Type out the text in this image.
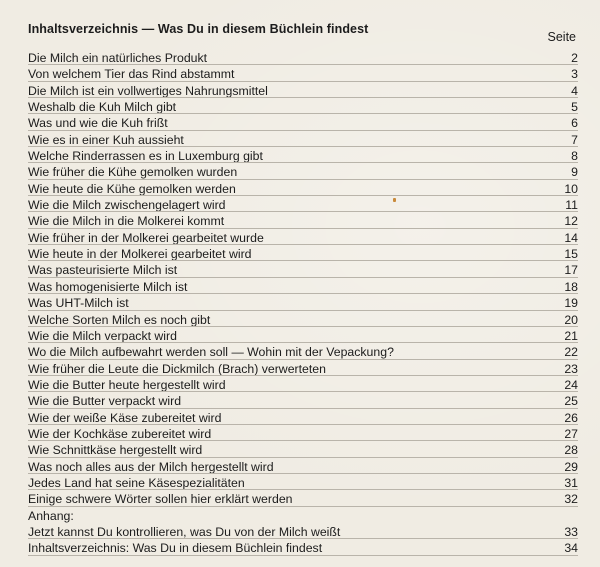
Inhaltsverzeichnis — Was Du in diesem Büchlein findest
Seite
Die Milch ein natürliches Produkt	2
Von welchem Tier das Rind abstammt	3
Die Milch ist ein vollwertiges Nahrungsmittel	4
Weshalb die Kuh Milch gibt	5
Was und wie die Kuh frißt	6
Wie es in einer Kuh aussieht	7
Welche Rinderrassen es in Luxemburg gibt	8
Wie früher die Kühe gemolken wurden	9
Wie heute die Kühe gemolken werden	10
Wie die Milch zwischengelagert wird	11
Wie die Milch in die Molkerei kommt	12
Wie früher in der Molkerei gearbeitet wurde	14
Wie heute in der Molkerei gearbeitet wird	15
Was pasteurisierte Milch ist	17
Was homogenisierte Milch ist	18
Was UHT-Milch ist	19
Welche Sorten Milch es noch gibt	20
Wie die Milch verpackt wird	21
Wo die Milch aufbewahrt werden soll — Wohin mit der Vepackung?	22
Wie früher die Leute die Dickmilch (Brach) verwerteten	23
Wie die Butter heute hergestellt wird	24
Wie die Butter verpackt wird	25
Wie der weiße Käse zubereitet wird	26
Wie der Kochkäse zubereitet wird	27
Wie Schnittkäse hergestellt wird	28
Was noch alles aus der Milch hergestellt wird	29
Jedes Land hat seine Käsespezialitäten	31
Einige schwere Wörter sollen hier erklärt werden	32
Anhang:
Jetzt kannst Du kontrollieren, was Du von der Milch weißt	33
Inhaltsverzeichnis: Was Du in diesem Büchlein findest	34
